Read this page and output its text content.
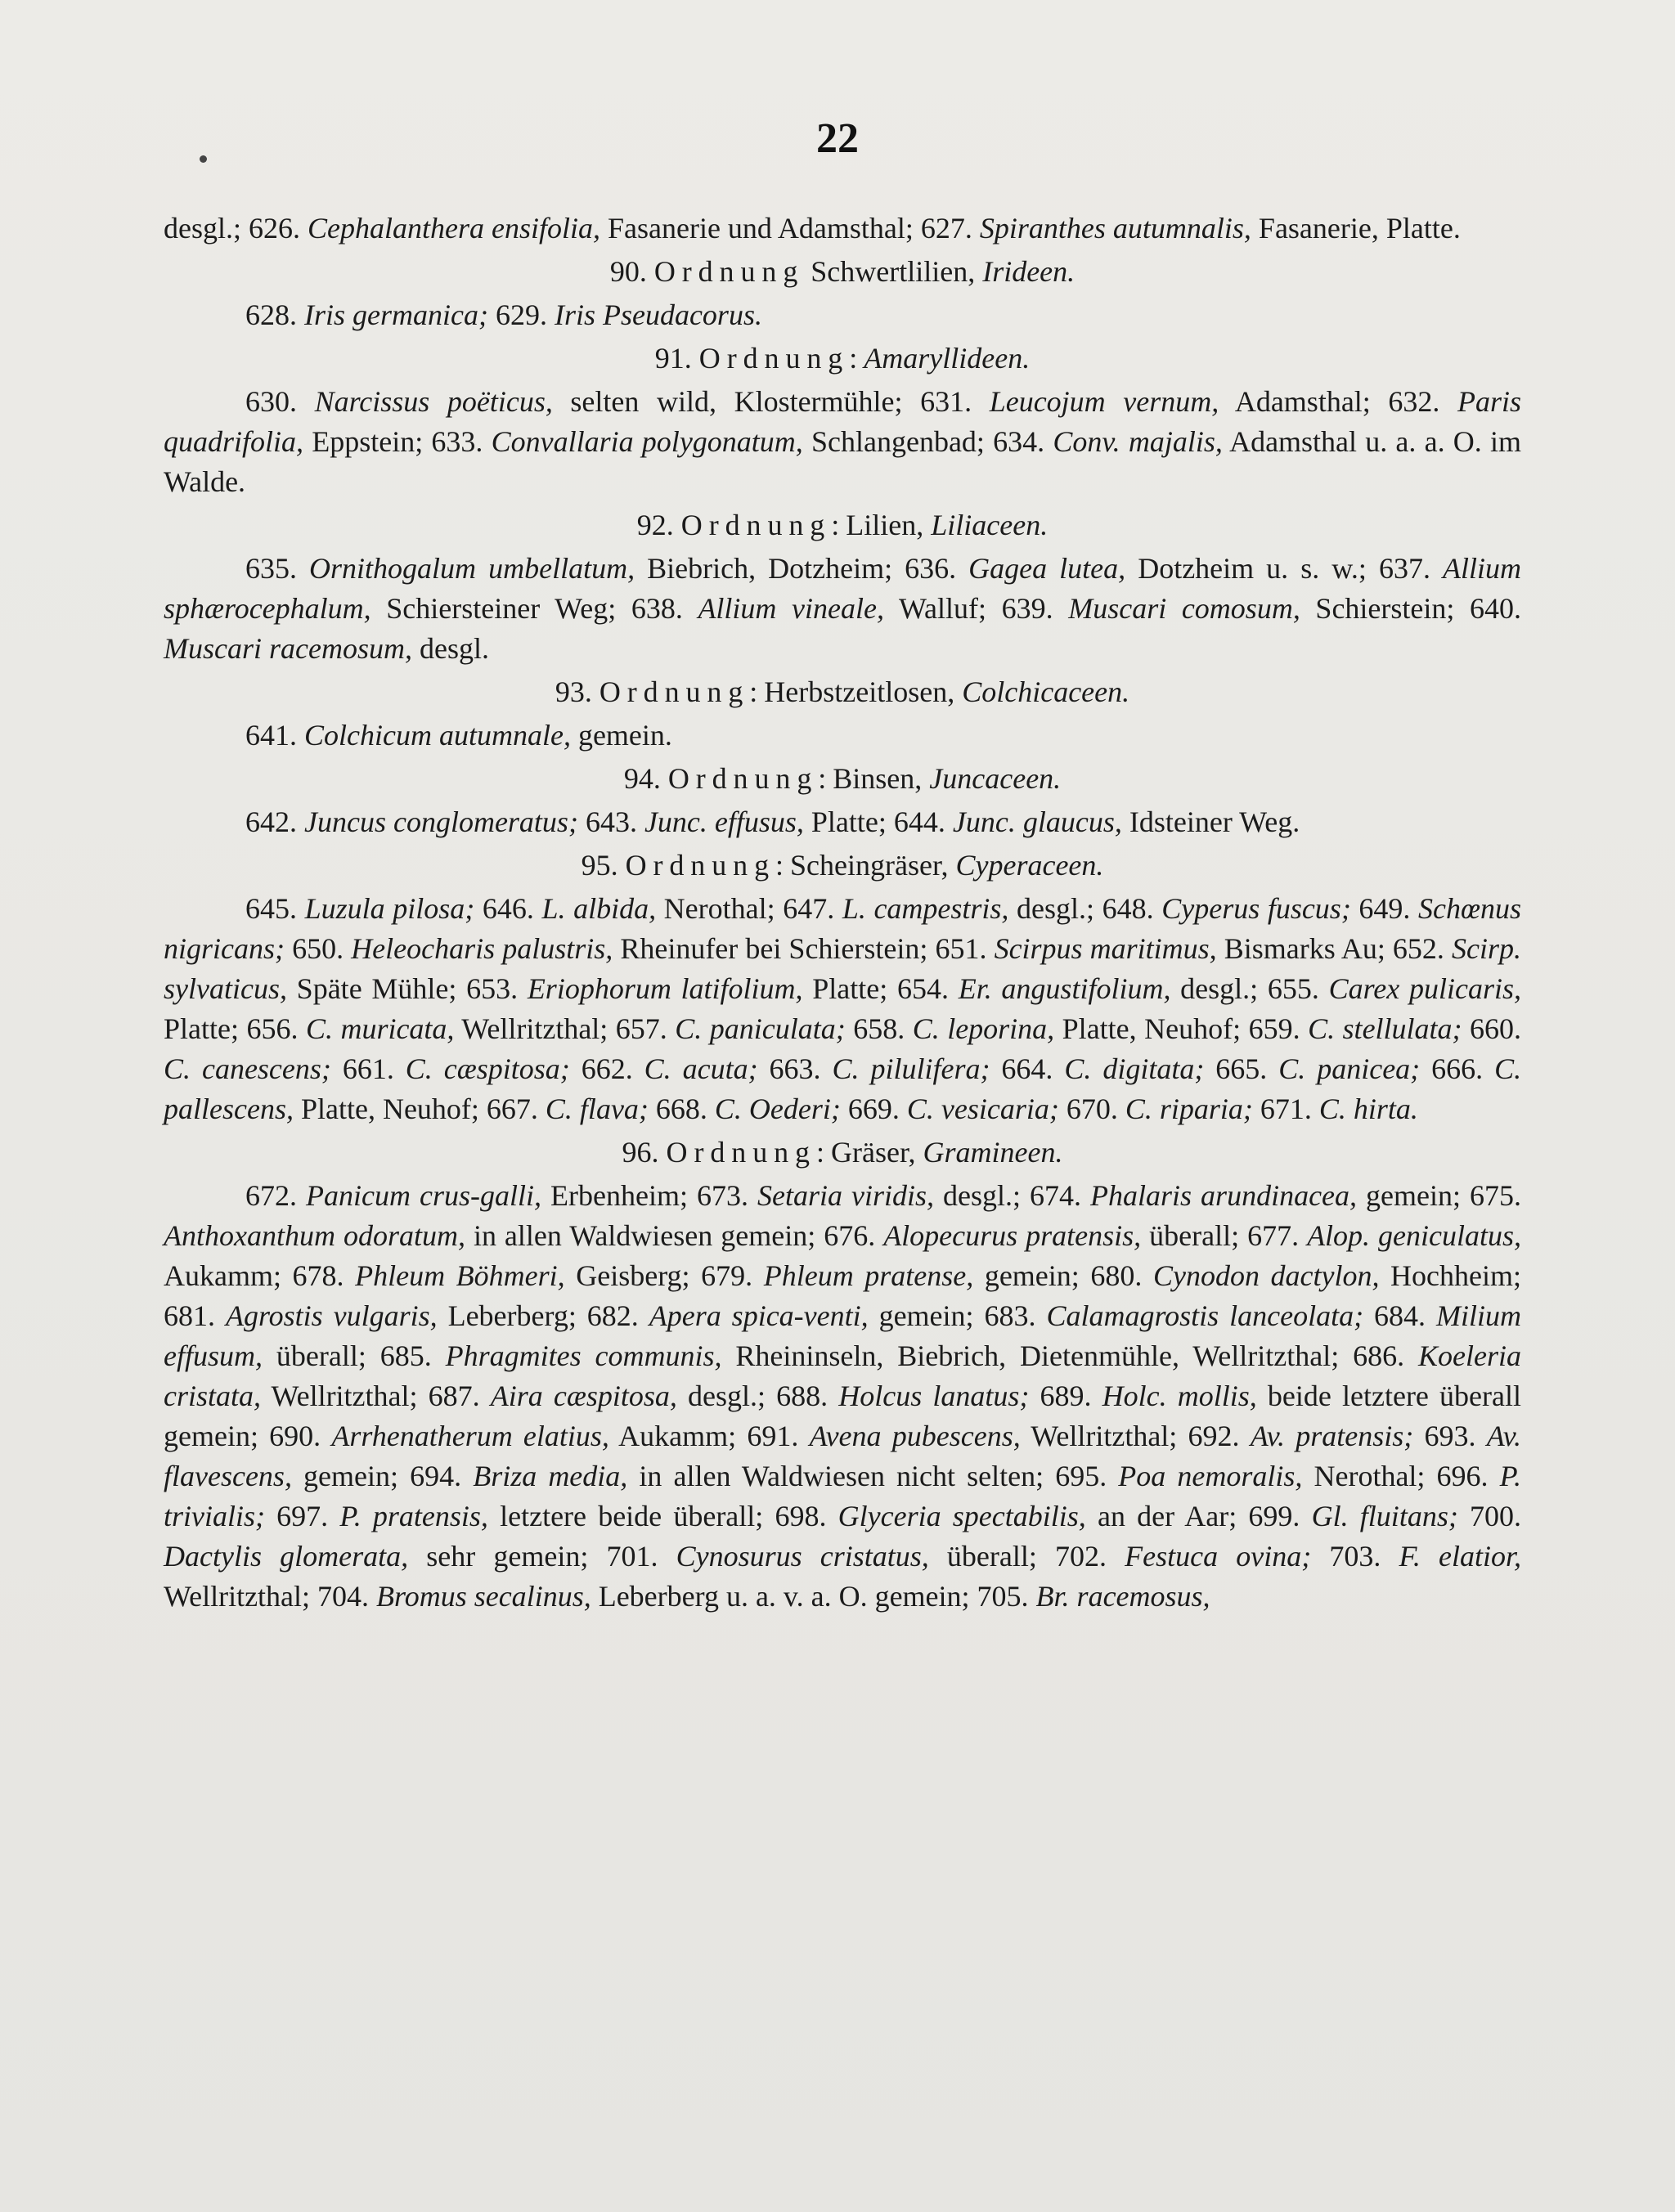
22

desgl.; 626. Cephalanthera ensifolia, Fasanerie und Adamsthal; 627. Spiranthes autumnalis, Fasanerie, Platte.

90. Ordnung Schwertlilien, Irideen.

628. Iris germanica; 629. Iris Pseudacorus.

91. Ordnung: Amaryllideen.

630. Narcissus poëticus, selten wild, Klostermühle; 631. Leucojum vernum, Adamsthal; 632. Paris quadrifolia, Eppstein; 633. Convallaria polygonatum, Schlangenbad; 634. Conv. majalis, Adamsthal u. a. a. O. im Walde.

92. Ordnung: Lilien, Liliaceen.

635. Ornithogalum umbellatum, Biebrich, Dotzheim; 636. Gagea lutea, Dotzheim u. s. w.; 637. Allium sphærocephalum, Schiersteiner Weg; 638. Allium vineale, Walluf; 639. Muscari comosum, Schierstein; 640. Muscari racemosum, desgl.

93. Ordnung: Herbstzeitlosen, Colchicaceen.

641. Colchicum autumnale, gemein.

94. Ordnung: Binsen, Juncaceen.

642. Juncus conglomeratus; 643. Junc. effusus, Platte; 644. Junc. glaucus, Idsteiner Weg.

95. Ordnung: Scheingräser, Cyperaceen.

645. Luzula pilosa; 646. L. albida, Nerothal; 647. L. campestris, desgl.; 648. Cyperus fuscus; 649. Schœnus nigricans; 650. Heleocharis palustris, Rheinufer bei Schierstein; 651. Scirpus maritimus, Bismarks Au; 652. Scirp. sylvaticus, Späte Mühle; 653. Eriophorum latifolium, Platte; 654. Er. angustifolium, desgl.; 655. Carex pulicaris, Platte; 656. C. muricata, Wellritzthal; 657. C. paniculata; 658. C. leporina, Platte, Neuhof; 659. C. stellulata; 660. C. canescens; 661. C. cæspitosa; 662. C. acuta; 663. C. pilulifera; 664. C. digitata; 665. C. panicea; 666. C. pallescens, Platte, Neuhof; 667. C. flava; 668. C. Oederi; 669. C. vesicaria; 670. C. riparia; 671. C. hirta.

96. Ordnung: Gräser, Gramineen.

672. Panicum crus-galli, Erbenheim; 673. Setaria viridis, desgl.; 674. Phalaris arundinacea, gemein; 675. Anthoxanthum odoratum, in allen Waldwiesen gemein; 676. Alopecurus pratensis, überall; 677. Alop. geniculatus, Aukamm; 678. Phleum Böhmeri, Geisberg; 679. Phleum pratense, gemein; 680. Cynodon dactylon, Hochheim; 681. Agrostis vulgaris, Leberberg; 682. Apera spica-venti, gemein; 683. Calamagrostis lanceolata; 684. Milium effusum, überall; 685. Phragmites communis, Rheininseln, Biebrich, Dietenmühle, Wellritzthal; 686. Koeleria cristata, Wellritzthal; 687. Aira cæspitosa, desgl.; 688. Holcus lanatus; 689. Holc. mollis, beide letztere überall gemein; 690. Arrhenatherum elatius, Aukamm; 691. Avena pubescens, Wellritzthal; 692. Av. pratensis; 693. Av. flavescens, gemein; 694. Briza media, in allen Waldwiesen nicht selten; 695. Poa nemoralis, Nerothal; 696. P. trivialis; 697. P. pratensis, letztere beide überall; 698. Glyceria spectabilis, an der Aar; 699. Gl. fluitans; 700. Dactylis glomerata, sehr gemein; 701. Cynosurus cristatus, überall; 702. Festuca ovina; 703. F. elatior, Wellritzthal; 704. Bromus secalinus, Leberberg u. a. v. a. O. gemein; 705. Br. racemosus,
